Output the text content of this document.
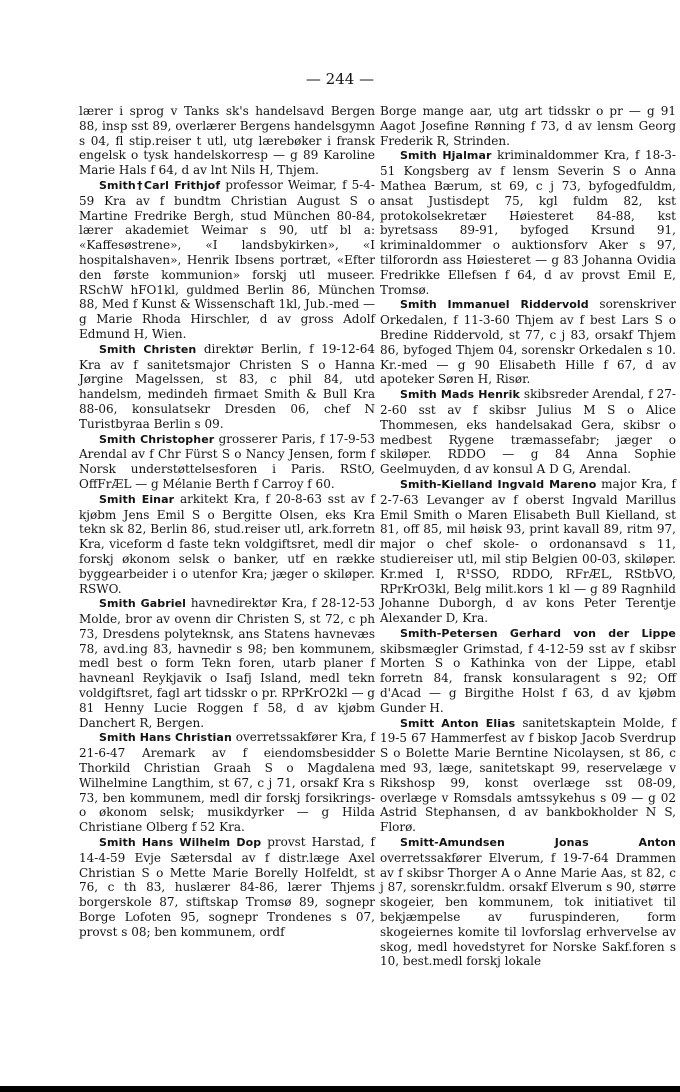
— 244 —

lærer i sprog v Tanks sk's handelsavd Bergen 88, insp sst 89, overlærer Bergens handelsgymn s 04, fl stip.reiser t utl, utg lærebøker i fransk engelsk o tysk handelskorresp — g 89 Karoline Marie Hals f 64, d av lnt Nils H, Thjem.

Smith†Carl Frithjof professor Weimar, f 5-4-59 Kra av f bundtm Christian August S o Martine Fredrike Bergh, stud München 80-84, lærer akademiet Weimar s 90, utf bl a: «Kaffesøstrene», «I landsbykirken», «I hospitalshaven», Henrik Ibsens portræt, «Efter den første kommunion» forskj utl museer. RSchW hFO1kl, guldmed Berlin 86, München 88, Med f Kunst & Wissenschaft 1kl, Jub.-med — g Marie Rhoda Hirschler, d av gross Adolf Edmund H, Wien.

Smith Christen direktør Berlin, f 19-12-64 Kra av f sanitetsmajor Christen S o Hanna Jørgine Magelssen, st 83, c phil 84, utd handelsm, medindeh firmaet Smith & Bull Kra 88-06, konsulatsekr Dresden 06, chef N Turistbyraa Berlin s 09.

Smith Christopher grosserer Paris, f 17-9-53 Arendal av f Chr Fürst S o Nancy Jensen, form f Norsk understøttelsesforen i Paris. RStO, OffFrÆL — g Mélanie Berth f Carroy f 60.

Smith Einar arkitekt Kra, f 20-8-63 sst av f kjøbm Jens Emil S o Bergitte Olsen, eks Kra tekn sk 82, Berlin 86, stud.reiser utl, ark.forretn Kra, viceform d faste tekn voldgiftsret, medl dir forskj økonom selsk o banker, utf en række byggearbeider i o utenfor Kra; jæger o skiløper. RSWO.

Smith Gabriel havnedirektør Kra, f 28-12-53 Molde, bror av ovenn dir Christen S, st 72, c ph 73, Dresdens polyteknsk, ans Statens havnevæs 78, avd.ing 83, havnedir s 98; ben kommunem, medl best o form Tekn foren, utarb planer f havneanl Reykjavik o Isafj Island, medl tekn voldgiftsret, fagl art tidsskr o pr. RPrKrO2kl — g 81 Henny Lucie Roggen f 58, d av kjøbm Danchert R, Bergen.

Smith Hans Christian overretssakfører Kra, f 21-6-47 Aremark av f eiendomsbesidder Thorkild Christian Graah S o Magdalena Wilhelmine Langthim, st 67, c j 71, orsakf Kra s 73, ben kommunem, medl dir forskj forsikrings- o økonom selsk; musikdyrker — g Hilda Christiane Olberg f 52 Kra.

Smith Hans Wilhelm Dop provst Harstad, f 14-4-59 Evje Sætersdal av f distr.læge Axel Christian S o Mette Marie Borelly Holfeldt, st 76, c th 83, huslærer 84-86, lærer Thjems borgerskole 87, stiftskap Tromsø 89, sognepr Borge Lofoten 95, sognepr Trondenes s 07, provst s 08; ben kommunem, ordf

Borge mange aar, utg art tidsskr o pr — g 91 Aagot Josefine Rønning f 73, d av lensm Georg Frederik R, Strinden.

Smith Hjalmar kriminaldommer Kra, f 18-3-51 Kongsberg av f lensm Severin S o Anna Mathea Bærum, st 69, c j 73, byfogedfuldm, ansat Justisdept 75, kgl fuldm 82, kst protokolsekretær Høiesteret 84-88, kst byretsass 89-91, byfoged Krsund 91, kriminaldommer o auktionsforv Aker s 97, tilforordn ass Høiesteret — g 83 Johanna Ovidia Fredrikke Ellefsen f 64, d av provst Emil E, Tromsø.

Smith Immanuel Riddervold sorenskriver Orkedalen, f 11-3-60 Thjem av f best Lars S o Bredine Riddervold, st 77, c j 83, orsakf Thjem 86, byfoged Thjem 04, sorenskr Orkedalen s 10. Kr.-med — g 90 Elisabeth Hille f 67, d av apoteker Søren H, Risør.

Smith Mads Henrik skibsreder Arendal, f 27-2-60 sst av f skibsr Julius M S o Alice Thommesen, eks handelsakad Gera, skibsr o medbest Rygene træmassefabr; jæger o skiløper. RDDO — g 84 Anna Sophie Geelmuyden, d av konsul A D G, Arendal.

Smith-Kielland Ingvald Mareno major Kra, f 2-7-63 Levanger av f oberst Ingvald Marillus Emil Smith o Maren Elisabeth Bull Kielland, st 81, off 85, mil høisk 93, print kavall 89, ritm 97, major o chef skole- o ordonansavd s 11, studiereiser utl, mil stip Belgien 00-03, skiløper. Kr.med I, R¹SSO, RDDO, RFrÆL, RStbVO, RPrKrO3kl, Belg milit.kors 1 kl — g 89 Ragnhild Johanne Duborgh, d av kons Peter Terentje Alexander D, Kra.

Smith-Petersen Gerhard von der Lippe skibsmægler Grimstad, f 4-12-59 sst av f skibsr Morten S o Kathinka von der Lippe, etabl forretn 84, fransk konsularagent s 92; Off d'Acad — g Birgithe Holst f 63, d av kjøbm Gunder H.

Smitt Anton Elias sanitetskaptein Molde, f 19-5 67 Hammerfest av f biskop Jacob Sverdrup S o Bolette Marie Berntine Nicolaysen, st 86, c med 93, læge, sanitetskapt 99, reservelæge v Rikshosp 99, konst overlæge sst 08-09, overlæge v Romsdals amtssykehus s 09 — g 02 Astrid Stephansen, d av bankbokholder N S, Florø.

Smitt-Amundsen Jonas Anton overretssakfører Elverum, f 19-7-64 Drammen av f skibsr Thorger A o Anne Marie Aas, st 82, c j 87, sorenskr.fuldm. orsakf Elverum s 90, større skogeier, ben kommunem, tok initiativet til bekjæmpelse av furuspinderen, form skogeiernes komite til lovforslag erhvervelse av skog, medl hovedstyret for Norske Sakf.foren s 10, best.medl forskj lokale
